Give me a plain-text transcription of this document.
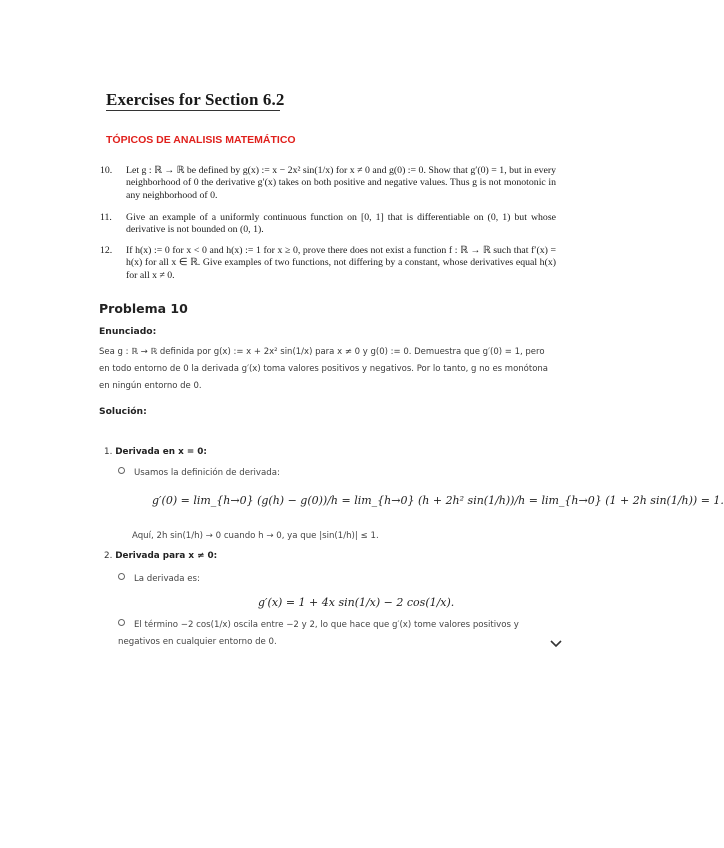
Exercises for Section 6.2
TÓPICOS DE ANALISIS MATEMÁTICO
10.	Let g : ℝ → ℝ be defined by g(x) := x − 2x² sin(1/x) for x ≠ 0 and g(0) := 0. Show that g′(0) = 1, but in every neighborhood of 0 the derivative g′(x) takes on both positive and negative values. Thus g is not monotonic in any neighborhood of 0.
11.	Give an example of a uniformly continuous function on [0, 1] that is differentiable on (0, 1) but whose derivative is not bounded on (0, 1).
12.	If h(x) := 0 for x < 0 and h(x) := 1 for x ≥ 0, prove there does not exist a function f : ℝ → ℝ such that f′(x) = h(x) for all x ∈ ℝ. Give examples of two functions, not differing by a constant, whose derivatives equal h(x) for all x ≠ 0.
Problema 10
Enunciado:
Sea g : ℝ → ℝ definida por g(x) := x + 2x² sin(1/x) para x ≠ 0 y g(0) := 0. Demuestra que g′(0) = 1, pero en todo entorno de 0 la derivada g′(x) toma valores positivos y negativos. Por lo tanto, g no es monótona en ningún entorno de 0.
Solución:
1. Derivada en x = 0:
Usamos la definición de derivada:
g′(0) = lim_{h→0} (g(h) − g(0))/h = lim_{h→0} (h + 2h² sin(1/h))/h = lim_{h→0} (1 + 2h sin(1/h)) = 1.
Aquí, 2h sin(1/h) → 0 cuando h → 0, ya que |sin(1/h)| ≤ 1.
2. Derivada para x ≠ 0:
La derivada es:
g′(x) = 1 + 4x sin(1/x) − 2 cos(1/x).
El término −2 cos(1/x) oscila entre −2 y 2, lo que hace que g′(x) tome valores positivos y negativos en cualquier entorno de 0.
